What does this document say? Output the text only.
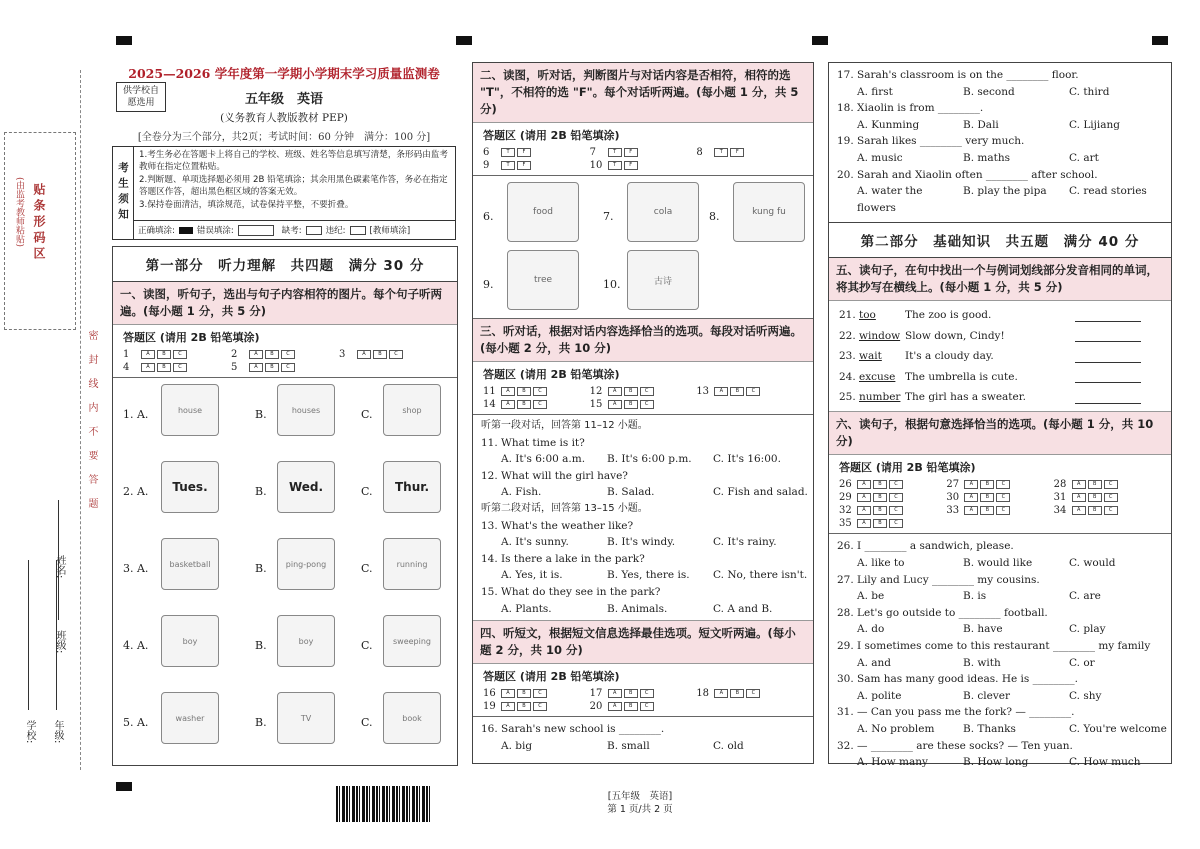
贴条形码区
(由监考教师粘贴)
密封线内不要答题
学校: 年级:
班级:
姓名:
2025—2026 学年度第一学期小学期末学习质量监测卷
供学校自愿选用	五年级　英语
(义务教育人教版教材 PEP)
[全卷分为三个部分，共2页；考试时间：60 分钟　满分：100 分]
考生须知
1.考生务必在答题卡上将自己的学校、班级、姓名等信息填写清楚，条形码由监考教师在指定位置粘贴。
2.判断题、单项选择题必须用 2B 铅笔填涂；其余用黑色碳素笔作答，务必在指定答题区作答，超出黑色框区域的答案无效。
3.保持卷面清洁，填涂规范，试卷保持平整，不要折叠。
正确填涂:	错误填涂:	缺考:	违纪:	[教师填涂]
第一部分　听力理解　共四题　满分 30 分
一、读图，听句子，选出与句子内容相符的图片。每个句子听两遍。(每小题 1 分，共 5 分)
答题区 (请用 2B 铅笔填涂)
1	A	B	C	2	A	B	C	3	A	B	C
4	A	B	C	5	A	B	C
1. A.	house	B.	houses	C.	shop
2. A.	Tues.	B.	Wed.	C.	Thur.
3. A.	basketball	B.	ping-pong	C.	running
4. A.	boy	B.	boy	C.	sweeping
5. A.	washer	B.	TV	C.	book
二、读图，听对话，判断图片与对话内容是否相符，相符的选 "T"，不相符的选 "F"。每个对话听两遍。(每小题 1 分，共 5 分)
答题区 (请用 2B 铅笔填涂)
6	T	F	7	T	F	8	T	F
9	T	F	10	T	F
6.	food	7.	cola	8.	kung fu
9.	tree	10.	古诗
三、听对话，根据对话内容选择恰当的选项。每段对话听两遍。(每小题 2 分，共 10 分)
答题区 (请用 2B 铅笔填涂)
11	A	B	C	12	A	B	C	13	A	B	C
14	A	B	C	15	A	B	C
听第一段对话，回答第 11–12 小题。
11. What time is it?
A. It's 6:00 a.m.	B. It's 6:00 p.m.	C. It's 16:00.
12. What will the girl have?
A. Fish.	B. Salad.	C. Fish and salad.
听第二段对话，回答第 13–15 小题。
13. What's the weather like?
A. It's sunny.	B. It's windy.	C. It's rainy.
14. Is there a lake in the park?
A. Yes, it is.	B. Yes, there is.	C. No, there isn't.
15. What do they see in the park?
A. Plants.	B. Animals.	C. A and B.
四、听短文，根据短文信息选择最佳选项。短文听两遍。(每小题 2 分，共 10 分)
答题区 (请用 2B 铅笔填涂)
16	A	B	C	17	A	B	C	18	A	B	C
19	A	B	C	20	A	B	C
16. Sarah's new school is ________.
A. big	B. small	C. old
17. Sarah's classroom is on the ________ floor.
A. first	B. second	C. third
18. Xiaolin is from ________.
A. Kunming	B. Dali	C. Lijiang
19. Sarah likes ________ very much.
A. music	B. maths	C. art
20. Sarah and Xiaolin often ________ after school.
A. water the flowers
B. play the pipa	C. read stories
第二部分　基础知识　共五题　满分 40 分
五、读句子，在句中找出一个与例词划线部分发音相同的单词，将其抄写在横线上。(每小题 1 分，共 5 分)
21. too	The zoo is good.
22. window Slow down, Cindy!
23. wait	It's a cloudy day.
24. excuse The umbrella is cute.
25. number The girl has a sweater.
六、读句子，根据句意选择恰当的选项。(每小题 1 分，共 10 分)
答题区 (请用 2B 铅笔填涂)
26	A	B	C	27	A	B	C	28	A	B	C
29	A	B	C	30	A	B	C	31	A	B	C
32	A	B	C	33	A	B	C	34	A	B	C
35	A	B	C
26. I ________ a sandwich, please.
A. like to	B. would like	C. would
27. Lily and Lucy ________ my cousins.
A. be	B. is	C. are
28. Let's go outside to ________ football.
A. do	B. have	C. play
29. I sometimes come to this restaurant ________ my family
A. and	B. with	C. or
30. Sam has many good ideas. He is ________.
A. polite	B. clever	C. shy
31. — Can you pass me the fork? — ________.
A. No problem	B. Thanks	C. You're welcome
32. — ________ are these socks? — Ten yuan.
A. How many	B. How long	C. How much
[五年级　英语]
第 1 页/共 2 页
